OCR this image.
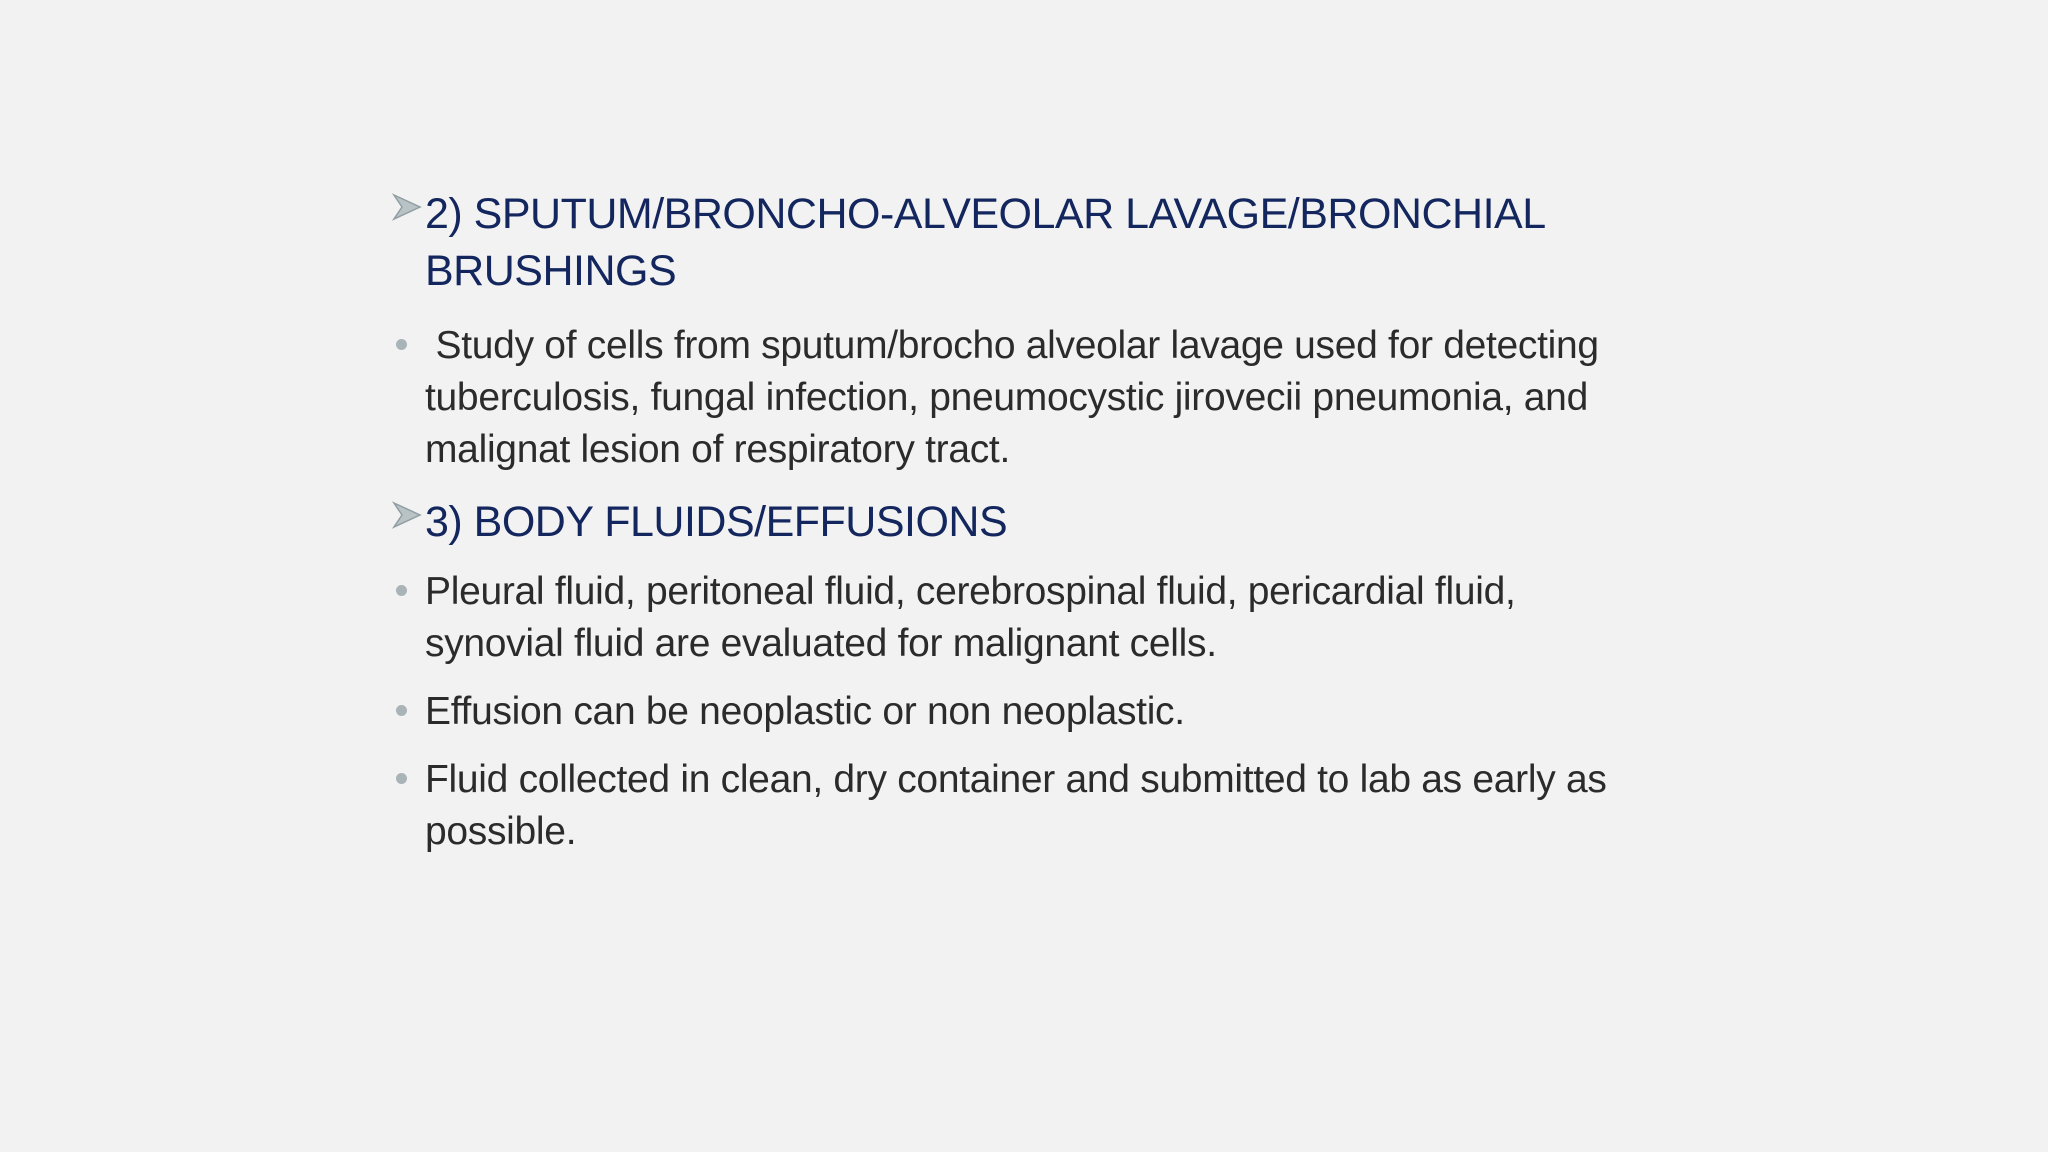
2) SPUTUM/BRONCHO-ALVEOLAR LAVAGE/BRONCHIAL BRUSHINGS
Study of cells from sputum/brocho alveolar lavage used for detecting tuberculosis, fungal infection, pneumocystic jirovecii pneumonia, and malignat lesion of respiratory tract.
3) BODY FLUIDS/EFFUSIONS
Pleural fluid, peritoneal fluid, cerebrospinal fluid, pericardial fluid, synovial fluid are evaluated for malignant cells.
Effusion can be neoplastic or non neoplastic.
Fluid collected in clean, dry container and submitted to lab as early as possible.
